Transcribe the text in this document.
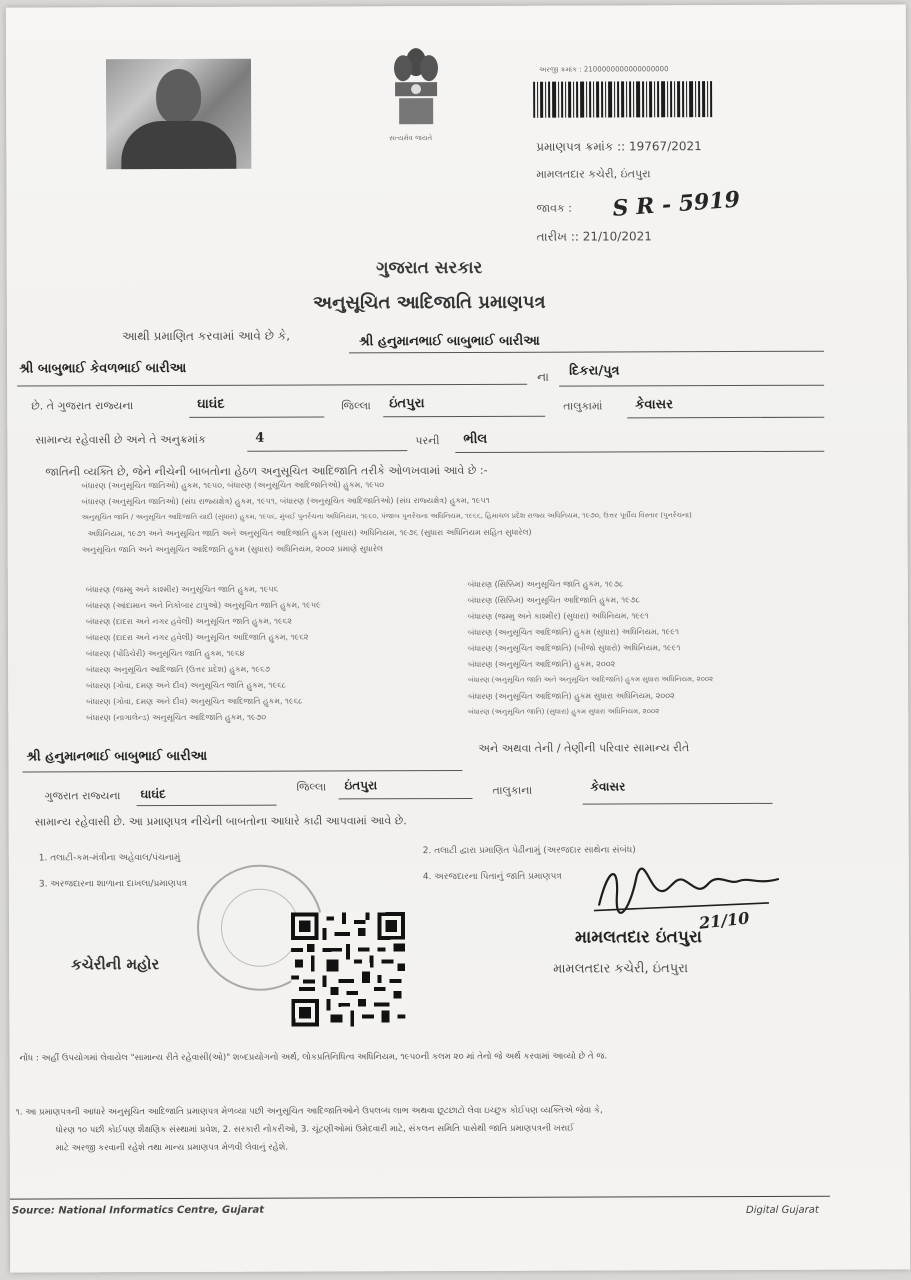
સત્યમેવ જયતે
અરજી ક્રમાંક : 2100000000000000000
પ્રમાણપત્ર ક્રમાંક :: 19767/2021
મામલતદાર કચેરી, ઇંતપુરા
જાવક : S R - 5919
તારીખ :: 21/10/2021
ગુજરાત સરકાર
અનુસૂચિત આદિજાતિ પ્રમાણપત્ર
આથી પ્રમાણિત કરવામાં આવે છે કે,	શ્રી હનુમાનભાઈ બાબુભાઈ બારીઆ
શ્રી બાબુભાઈ કેવળભાઈ બારીઆ
ના દિકરા/પુત્ર
છે. તે ગુજરાત રાજ્યના	ઘાઘંદ	જિલ્લા ઇંતપુરા	તાલુકામાં	કેવાસર
સામાન્ય રહેવાસી છે અને તે અનુક્રમાંક	4	પરની ભીલ
જાતિની વ્યક્તિ છે, જેને નીચેની બાબતોના હેઠળ અનુસૂચિત આદિજાતિ તરીકે ઓળખવામાં આવે છે :-
બંધારણ (અનુસૂચિત જાતિઓ) હુકમ, ૧૯૫૦, બંધારણ (અનુસૂચિત આદિજાતિઓ) હુકમ, ૧૯૫૦
બંધારણ (અનુસૂચિત જાતિઓ) (સંઘ રાજ્યક્ષેત્ર) હુકમ, ૧૯૫૧, બંધારણ (અનુસૂચિત આદિજાતિઓ) (સંઘ રાજ્યક્ષેત્ર) હુકમ, ૧૯૫૧
અનુસૂચિત જાતિ / અનુસૂચિત આદિજાતિ યાદી (સુધારા) હુકમ, ૧૯૫૬, મુંબઈ પુનર્રચના અધિનિયમ, ૧૯૬૦, પંજાબ પુનર્રચના અધિનિયમ, ૧૯૬૬, હિમાચલ પ્રદેશ રાજ્ય અધિનિયમ, ૧૯૭૦, ઉત્તર પૂર્વીય વિસ્તાર (પુનર્રચના)
અધિનિયમ, ૧૯૭૧ અને અનુસૂચિત જાતિ અને અનુસૂચિત આદિજાતિ હુકમ (સુધારા) અધિનિયમ, ૧૯૭૬ (સુધારા અધિનિયમ સહિત સુધારેલ)
અનુસૂચિત જાતિ અને અનુસૂચિત આદિજાતિ હુકમ (સુધારા) અધિનિયમ, ૨૦૦૨ પ્રમાણે સુધારેલ
બંધારણ (જમ્મુ અને કાશ્મીર) અનુસૂચિત જાતિ હુકમ, ૧૯૫૬
બંધારણ (આંદામાન અને નિકોબાર ટાપુઓ) અનુસૂચિત જાતિ હુકમ, ૧૯૫૯
બંધારણ (દાદરા અને નગર હવેલી) અનુસૂચિત જાતિ હુકમ, ૧૯૬૨
બંધારણ (દાદરા અને નગર હવેલી) અનુસૂચિત આદિજાતિ હુકમ, ૧૯૬૨
બંધારણ (પોંડિચેરી) અનુસૂચિત જાતિ હુકમ, ૧૯૬૪
બંધારણ અનુસૂચિત આદિજાતિ (ઉત્તર પ્રદેશ) હુકમ, ૧૯૬૭
બંધારણ (ગોવા, દમણ અને દીવ) અનુસૂચિત જાતિ હુકમ, ૧૯૬૮
બંધારણ (ગોવા, દમણ અને દીવ) અનુસૂચિત આદિજાતિ હુકમ, ૧૯૬૮
બંધારણ (નાગાલેન્ડ) અનુસૂચિત આદિજાતિ હુકમ, ૧૯૭૦
બંધારણ (સિક્કિમ) અનુસૂચિત જાતિ હુકમ, ૧૯૭૮
બંધારણ (સિક્કિમ) અનુસૂચિત આદિજાતિ હુકમ, ૧૯૭૮
બંધારણ (જમ્મુ અને કાશ્મીર) (સુધારા) અધિનિયમ, ૧૯૯૧
બંધારણ (અનુસૂચિત આદિજાતિ) હુકમ (સુધારા) અધિનિયમ, ૧૯૯૧
બંધારણ (અનુસૂચિત આદિજાતિ) (બીજો સુધારો) અધિનિયમ, ૧૯૯૧
બંધારણ (અનુસૂચિત આદિજાતિ) હુકમ, ૨૦૦૨
બંધારણ (અનુસૂચિત જાતિ અને અનુસૂચિત આદિજાતિ) હુકમ સુધારા અધિનિયમ, ૨૦૦૨
બંધારણ (અનુસૂચિત આદિજાતિ) હુકમ સુધારા અધિનિયમ, ૨૦૦૨
બંધારણ (અનુસૂચિત જાતિ) (સુધારા) હુકમ સુધારા અધિનિયમ, ૨૦૦૨
શ્રી હનુમાનભાઈ બાબુભાઈ બારીઆ
અને અથવા તેની / તેણીની પરિવાર સામાન્ય રીતે
ગુજરાત રાજ્યના ઘાઘંદ
જિલ્લા ઇંતપુરા	તાલુકાના	કેવાસર
સામાન્ય રહેવાસી છે. આ પ્રમાણપત્ર નીચેની બાબતોના આધારે કાઢી આપવામાં આવે છે.
1. તલાટી-કમ-મંત્રીના અહેવાલ/પંચનામું
2. તલાટી દ્વારા પ્રમાણિત પેઢીનામું (અરજદાર સાથેના સંબંધ)
3. અરજદારના શાળાના દાખલા/પ્રમાણપત્ર
4. અરજદારના પિતાનું જાતિ પ્રમાણપત્ર
કચેરીની મહોર
21/10
મામલતદાર ઇંતપુરા
મામલતદાર કચેરી, ઇંતપુરા
નોંધ : અહીં ઉપયોગમાં લેવાયેલ "સામાન્ય રીતે રહેવાસી(ઓ)" શબ્દપ્રયોગનો અર્થ, લોકપ્રતિનિધિત્વ અધિનિયમ, ૧૯૫૦ની કલમ ૨૦ માં તેનો જે અર્થ કરવામાં આવ્યો છે તે જ.
૧. આ પ્રમાણપત્રની આધારે અનુસૂચિત આદિજાતિ પ્રમાણપત્ર મેળવ્યા પછી અનુસૂચિત આદિજાતિઓને ઉપલબ્ધ લાભ અથવા છૂટછાટો લેવા ઇચ્છુક કોઈપણ વ્યક્તિએ જેવા કે,
ધોરણ ૧૦ પછી કોઈપણ શૈક્ષણિક સંસ્થામાં પ્રવેશ, 2. સરકારી નોકરીઓ, 3. ચૂંટણીઓમાં ઉમેદવારી માટે, સંકલન સમિતિ પાસેથી જાતિ પ્રમાણપત્રની ખરાઈ
માટે અરજી કરવાની રહેશે તથા માન્ય પ્રમાણપત્ર મેળવી લેવાનું રહેશે.
Source: National Informatics Centre, Gujarat	Digital Gujarat
